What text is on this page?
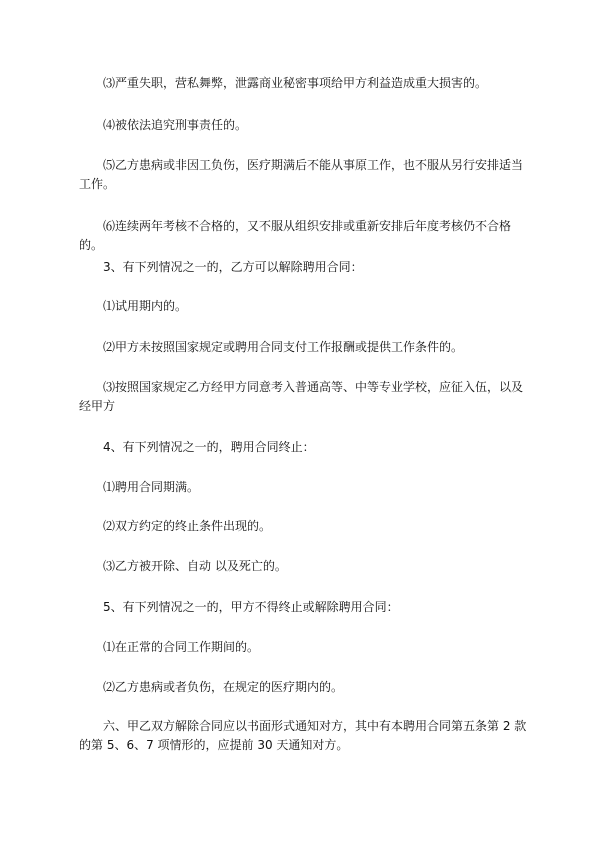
⑶严重失职，营私舞弊，泄露商业秘密事项给甲方利益造成重大损害的。

⑷被依法追究刑事责任的。

⑸乙方患病或非因工负伤，医疗期满后不能从事原工作，也不服从另行安排适当工作。

⑹连续两年考核不合格的，又不服从组织安排或重新安排后年度考核仍不合格的。

3、有下列情况之一的，乙方可以解除聘用合同：

⑴试用期内的。

⑵甲方未按照国家规定或聘用合同支付工作报酬或提供工作条件的。

⑶按照国家规定乙方经甲方同意考入普通高等、中等专业学校，应征入伍，以及经甲方

4、有下列情况之一的，聘用合同终止：

⑴聘用合同期满。

⑵双方约定的终止条件出现的。

⑶乙方被开除、自动 以及死亡的。

5、有下列情况之一的，甲方不得终止或解除聘用合同：

⑴在正常的合同工作期间的。

⑵乙方患病或者负伤，在规定的医疗期内的。

六、甲乙双方解除合同应以书面形式通知对方，其中有本聘用合同第五条第 2 款的第 5、6、7 项情形的，应提前 30 天通知对方。
